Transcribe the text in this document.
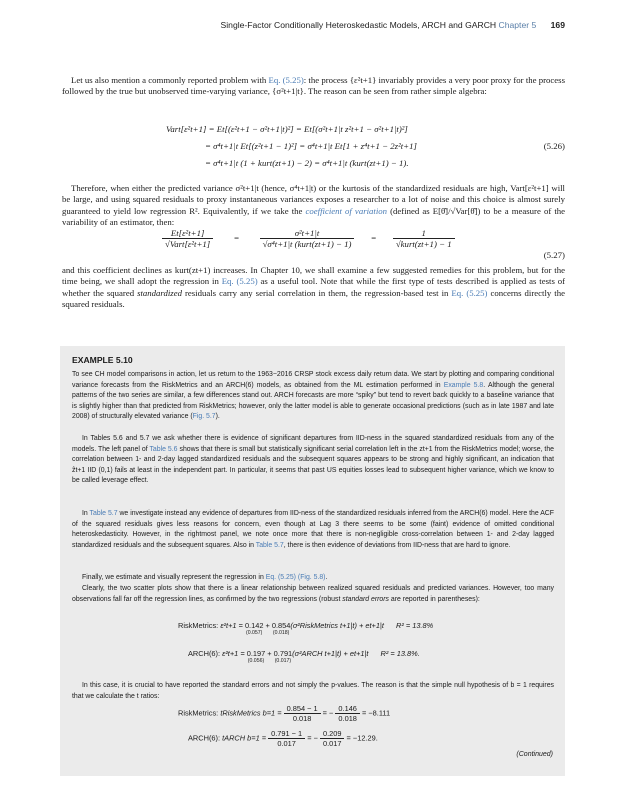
Single-Factor Conditionally Heteroskedastic Models, ARCH and GARCH Chapter 5 169
Let us also mention a commonly reported problem with Eq. (5.25): the process {ε²t+1} invariably provides a very poor proxy for the process followed by the true but unobserved time-varying variance, {σ²t+1|t}. The reason can be seen from rather simple algebra:
Vart[ε²t+1] = Et[(ε²t+1 − σ²t+1|t)²] = Et[(σ²t+1|t z²t+1 − σ²t+1|t)²]
= σ⁴t+1|t Et[(z²t+1 − 1)²] = σ⁴t+1|t Et[1 + z⁴t+1 − 2z²t+1]
= σ⁴t+1|t (1 + kurt(zt+1) − 2) = σ⁴t+1|t (kurt(zt+1) − 1).
(5.26)
Therefore, when either the predicted variance σ²t+1|t (hence, σ⁴t+1|t) or the kurtosis of the standardized residuals are high, Vart[ε²t+1] will be large, and using squared residuals to proxy instantaneous variances exposes a researcher to a lot of noise and this choice is almost surely guaranteed to yield low regression R². Equivalently, if we take the coefficient of variation (defined as E[θ̂]/√Var[θ̂]) to be a measure of the variability of an estimator, then:
$\frac{\text{Et[ε²t+1]}}{\text{√Vart[ε²t+1]}} = \frac{\text{σ²t+1|t}}{\text{√σ⁴t+1|t (kurt(zt+1) − 1)}} = \frac{1}{\text{√kurt(zt+1) − 1}}$
(5.27)
and this coefficient declines as kurt(zt+1) increases. In Chapter 10, we shall examine a few suggested remedies for this problem, but for the time being, we shall adopt the regression in Eq. (5.25) as a useful tool. Note that while the first type of tests described is applied as tests of whether the squared standardized residuals carry any serial correlation in them, the regression-based test in Eq. (5.25) concerns directly the squared residuals.
EXAMPLE 5.10
To see CH model comparisons in action, let us return to the 1963−2016 CRSP stock excess daily return data. We start by plotting and comparing conditional variance forecasts from the RiskMetrics and an ARCH(6) models, as obtained from the ML estimation performed in Example 5.8. Although the general patterns of the two series are similar, a few differences stand out. ARCH forecasts are more “spiky” but tend to revert back quickly to a baseline variance that is slightly higher than that predicted from RiskMetrics; however, only the latter model is able to generate occasional predictions (such as in late 1987 and late 2008) of structurally elevated variance (Fig. 5.7).
In Tables 5.6 and 5.7 we ask whether there is evidence of significant departures from IID-ness in the squared standardized residuals from any of the models. The left panel of Table 5.6 shows that there is small but statistically significant serial correlation left in the zt+1 from the RiskMetrics model; worse, the correlation between 1- and 2-day lagged standardized residuals and the subsequent squares appears to be strong and highly significant, an indication that ẑt+1 IID (0,1) fails at least in the independent part. In particular, it seems that past US equities losses lead to subsequent higher variance, which we know to be called leverage effect.
In Table 5.7 we investigate instead any evidence of departures from IID-ness of the standardized residuals inferred from the ARCH(6) model. Here the ACF of the squared residuals gives less reasons for concern, even though at Lag 3 there seems to be some (faint) evidence of omitted conditional heteroskedasticity. However, in the rightmost panel, we note once more that there is non-negligible cross-correlation between 1- and 2-day lagged standardized residuals and the subsequent squares. Also in Table 5.7, there is then evidence of deviations from IID-ness that are hard to ignore.
Finally, we estimate and visually represent the regression in Eq. (5.25) (Fig. 5.8).
Clearly, the two scatter plots show that there is a linear relationship between realized squared residuals and predicted variances. However, too many observations fall far off the regression lines, as confirmed by the two regressions (robust standard errors are reported in parentheses):
RiskMetrics: ε²t+1 = 0.142
(0.057)
+ 0.854
(0.018)
(σ²RiskMetrics t+1|t) + et+1|t R² = 13.8%
ARCH(6): ε²t+1 = 0.197
(0.056)
+ 0.791
(0.017)
(σ²ARCH t+1|t) + et+1|t R² = 13.8%.
In this case, it is crucial to have reported the standard errors and not simply the p-values. The reason is that the simple null hypothesis of b = 1 requires that we calculate the t ratios:
RiskMetrics: tRiskMetrics $b=1 = \frac{0.854 - 1}{0.018}$ = − $\frac{0.146}{0.018} = -8.111$
ARCH(6): tARCH $b=1 = \frac{0.791 - 1}{0.017}$ = − $\frac{0.209}{0.017} = -12.29$.
(Continued)
